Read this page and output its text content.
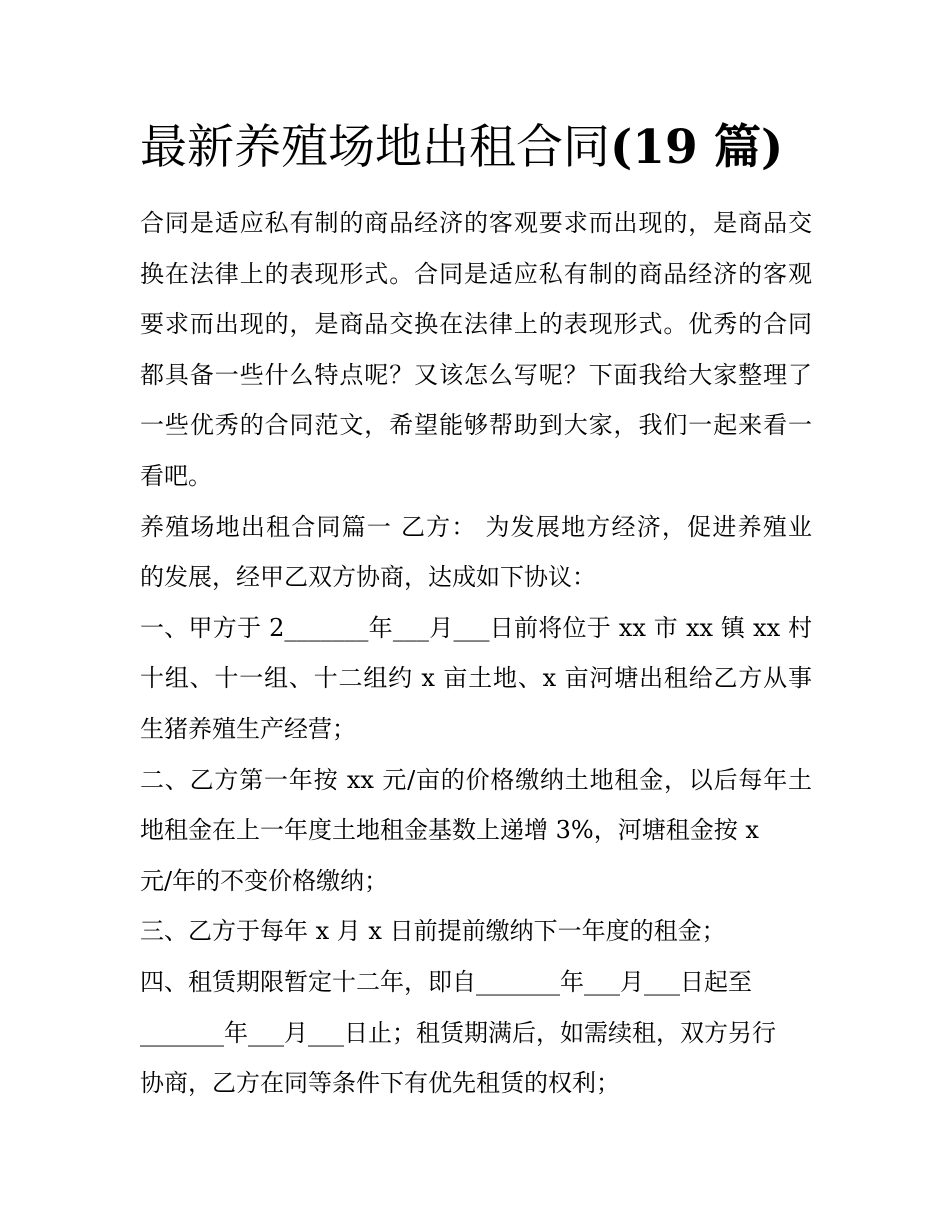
最新养殖场地出租合同(19 篇)
合同是适应私有制的商品经济的客观要求而出现的，是商品交
换在法律上的表现形式。合同是适应私有制的商品经济的客观
要求而出现的，是商品交换在法律上的表现形式。优秀的合同
都具备一些什么特点呢？又该怎么写呢？下面我给大家整理了
一些优秀的合同范文，希望能够帮助到大家，我们一起来看一
看吧。
养殖场地出租合同篇一 乙方： 为发展地方经济，促进养殖业
的发展，经甲乙双方协商，达成如下协议：
一、甲方于 2_______年___月___日前将位于 xx 市 xx 镇 xx 村
十组、十一组、十二组约 x 亩土地、x 亩河塘出租给乙方从事
生猪养殖生产经营；
二、乙方第一年按 xx 元/亩的价格缴纳土地租金，以后每年土
地租金在上一年度土地租金基数上递增 3%，河塘租金按 x
元/年的不变价格缴纳；
三、乙方于每年 x 月 x 日前提前缴纳下一年度的租金；
四、租赁期限暂定十二年，即自_______年___月___日起至
_______年___月___日止；租赁期满后，如需续租，双方另行
协商，乙方在同等条件下有优先租赁的权利；
